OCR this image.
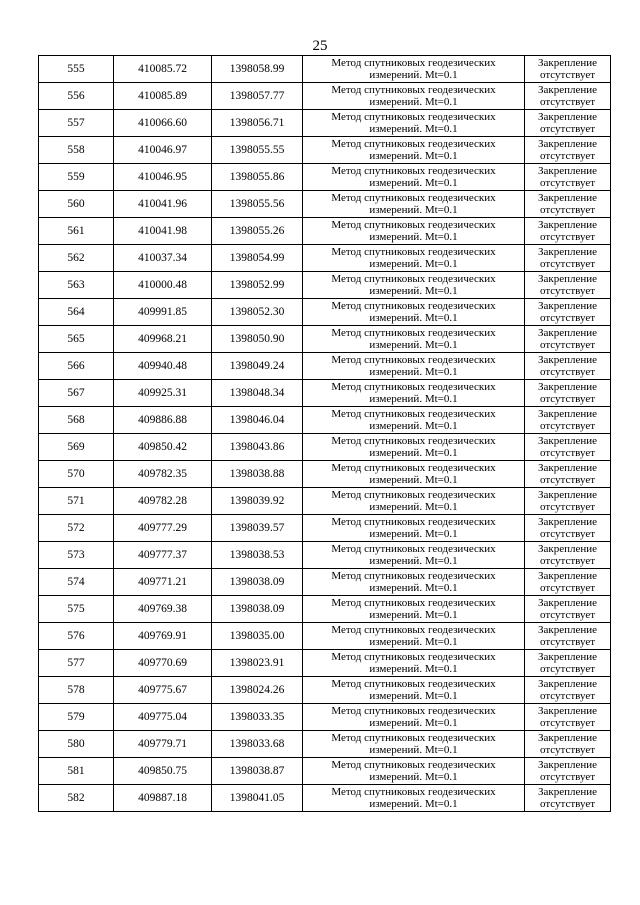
25
555	410085.72	1398058.99	Метод спутниковых геодезических
измерений. Mt=0.1	Закрепление
отсутствует

556	410085.89	1398057.77	Метод спутниковых геодезических
измерений. Mt=0.1	Закрепление
отсутствует

557	410066.60	1398056.71	Метод спутниковых геодезических
измерений. Mt=0.1	Закрепление
отсутствует

558	410046.97	1398055.55	Метод спутниковых геодезических
измерений. Mt=0.1	Закрепление
отсутствует

559	410046.95	1398055.86	Метод спутниковых геодезических
измерений. Mt=0.1	Закрепление
отсутствует

560	410041.96	1398055.56	Метод спутниковых геодезических
измерений. Mt=0.1	Закрепление
отсутствует

561	410041.98	1398055.26	Метод спутниковых геодезических
измерений. Mt=0.1	Закрепление
отсутствует

562	410037.34	1398054.99	Метод спутниковых геодезических
измерений. Mt=0.1	Закрепление
отсутствует

563	410000.48	1398052.99	Метод спутниковых геодезических
измерений. Mt=0.1	Закрепление
отсутствует

564	409991.85	1398052.30	Метод спутниковых геодезических
измерений. Mt=0.1	Закрепление
отсутствует

565	409968.21	1398050.90	Метод спутниковых геодезических
измерений. Mt=0.1	Закрепление
отсутствует

566	409940.48	1398049.24	Метод спутниковых геодезических
измерений. Mt=0.1	Закрепление
отсутствует

567	409925.31	1398048.34	Метод спутниковых геодезических
измерений. Mt=0.1	Закрепление
отсутствует

568	409886.88	1398046.04	Метод спутниковых геодезических
измерений. Mt=0.1	Закрепление
отсутствует

569	409850.42	1398043.86	Метод спутниковых геодезических
измерений. Mt=0.1	Закрепление
отсутствует

570	409782.35	1398038.88	Метод спутниковых геодезических
измерений. Mt=0.1	Закрепление
отсутствует

571	409782.28	1398039.92	Метод спутниковых геодезических
измерений. Mt=0.1	Закрепление
отсутствует

572	409777.29	1398039.57	Метод спутниковых геодезических
измерений. Mt=0.1	Закрепление
отсутствует

573	409777.37	1398038.53	Метод спутниковых геодезических
измерений. Mt=0.1	Закрепление
отсутствует

574	409771.21	1398038.09	Метод спутниковых геодезических
измерений. Mt=0.1	Закрепление
отсутствует

575	409769.38	1398038.09	Метод спутниковых геодезических
измерений. Mt=0.1	Закрепление
отсутствует

576	409769.91	1398035.00	Метод спутниковых геодезических
измерений. Mt=0.1	Закрепление
отсутствует

577	409770.69	1398023.91	Метод спутниковых геодезических
измерений. Mt=0.1	Закрепление
отсутствует

578	409775.67	1398024.26	Метод спутниковых геодезических
измерений. Mt=0.1	Закрепление
отсутствует

579	409775.04	1398033.35	Метод спутниковых геодезических
измерений. Mt=0.1	Закрепление
отсутствует

580	409779.71	1398033.68	Метод спутниковых геодезических
измерений. Mt=0.1	Закрепление
отсутствует

581	409850.75	1398038.87	Метод спутниковых геодезических
измерений. Mt=0.1	Закрепление
отсутствует

582	409887.18	1398041.05	Метод спутниковых геодезических
измерений. Mt=0.1	Закрепление
отсутствует
